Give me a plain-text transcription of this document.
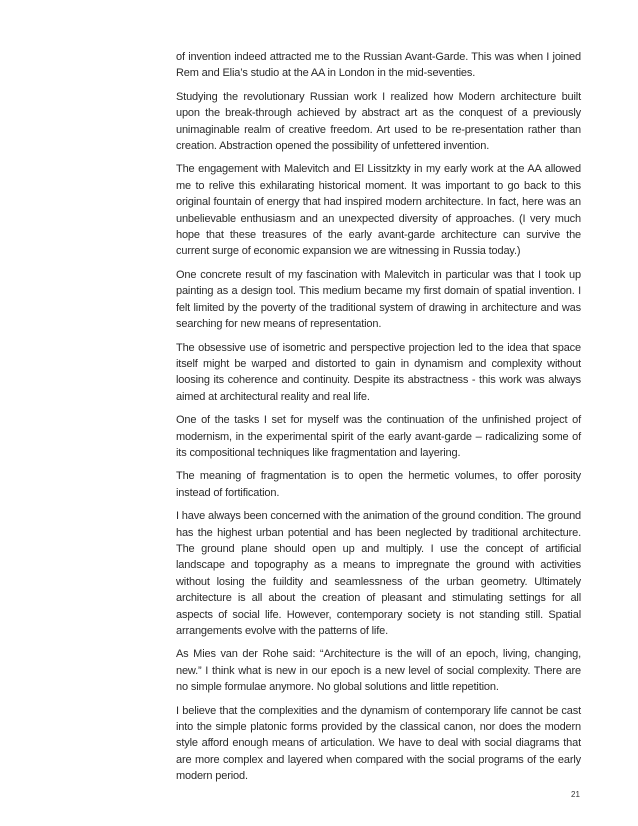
of invention indeed attracted me to the Russian Avant-Garde. This was when I joined Rem and Elia’s studio at the AA in London in the mid-seventies.

Studying the revolutionary Russian work I realized how Modern architecture built upon the break-through achieved by abstract art as the conquest of a previously unimaginable realm of creative freedom. Art used to be re-presentation rather than creation. Abstraction opened the possibility of unfettered invention.

The engagement with Malevitch and El Lissitzkty in my early work at the AA allowed me to relive this exhilarating historical moment. It was important to go back to this original fountain of energy that had inspired modern architecture. In fact, here was an unbelievable enthusiasm and an unexpected diversity of approaches. (I very much hope that these treasures of the early avant-garde architecture can survive the current surge of economic expansion we are witnessing in Russia today.)

One concrete result of my fascination with Malevitch in particular was that I took up painting as a design tool. This medium became my first domain of spatial invention. I felt limited by the poverty of the traditional system of drawing in architecture and was searching for new means of representation.

The obsessive use of isometric and perspective projection led to the idea that space itself might be warped and distorted to gain in dynamism and complexity without loosing its coherence and continuity. Despite its abstractness - this work was always aimed at architectural reality and real life.

One of the tasks I set for myself was the continuation of the unfinished project of modernism, in the experimental spirit of the early avant-garde – radicalizing some of its compositional techniques like fragmentation and layering.

The meaning of fragmentation is to open the hermetic volumes, to offer porosity instead of fortification.

I have always been concerned with the animation of the ground condition. The ground has the highest urban potential and has been neglected by traditional architecture. The ground plane should open up and multiply. I use the concept of artificial landscape and topography as a means to impregnate the ground with activities without losing the fuildity and seamlessness of the urban geometry. Ultimately architecture is all about the creation of pleasant and stimulating settings for all aspects of social life. However, contemporary society is not standing still. Spatial arrangements evolve with the patterns of life.

As Mies van der Rohe said: “Architecture is the will of an epoch, living, changing, new.” I think what is new in our epoch is a new level of social complexity. There are no simple formulae anymore. No global solutions and little repetition.

I believe that the complexities and the dynamism of contemporary life cannot be cast into the simple platonic forms provided by the classical canon, nor does the modern style afford enough means of articulation. We have to deal with social diagrams that are more complex and layered when compared with the social programs of the early modern period.

21
